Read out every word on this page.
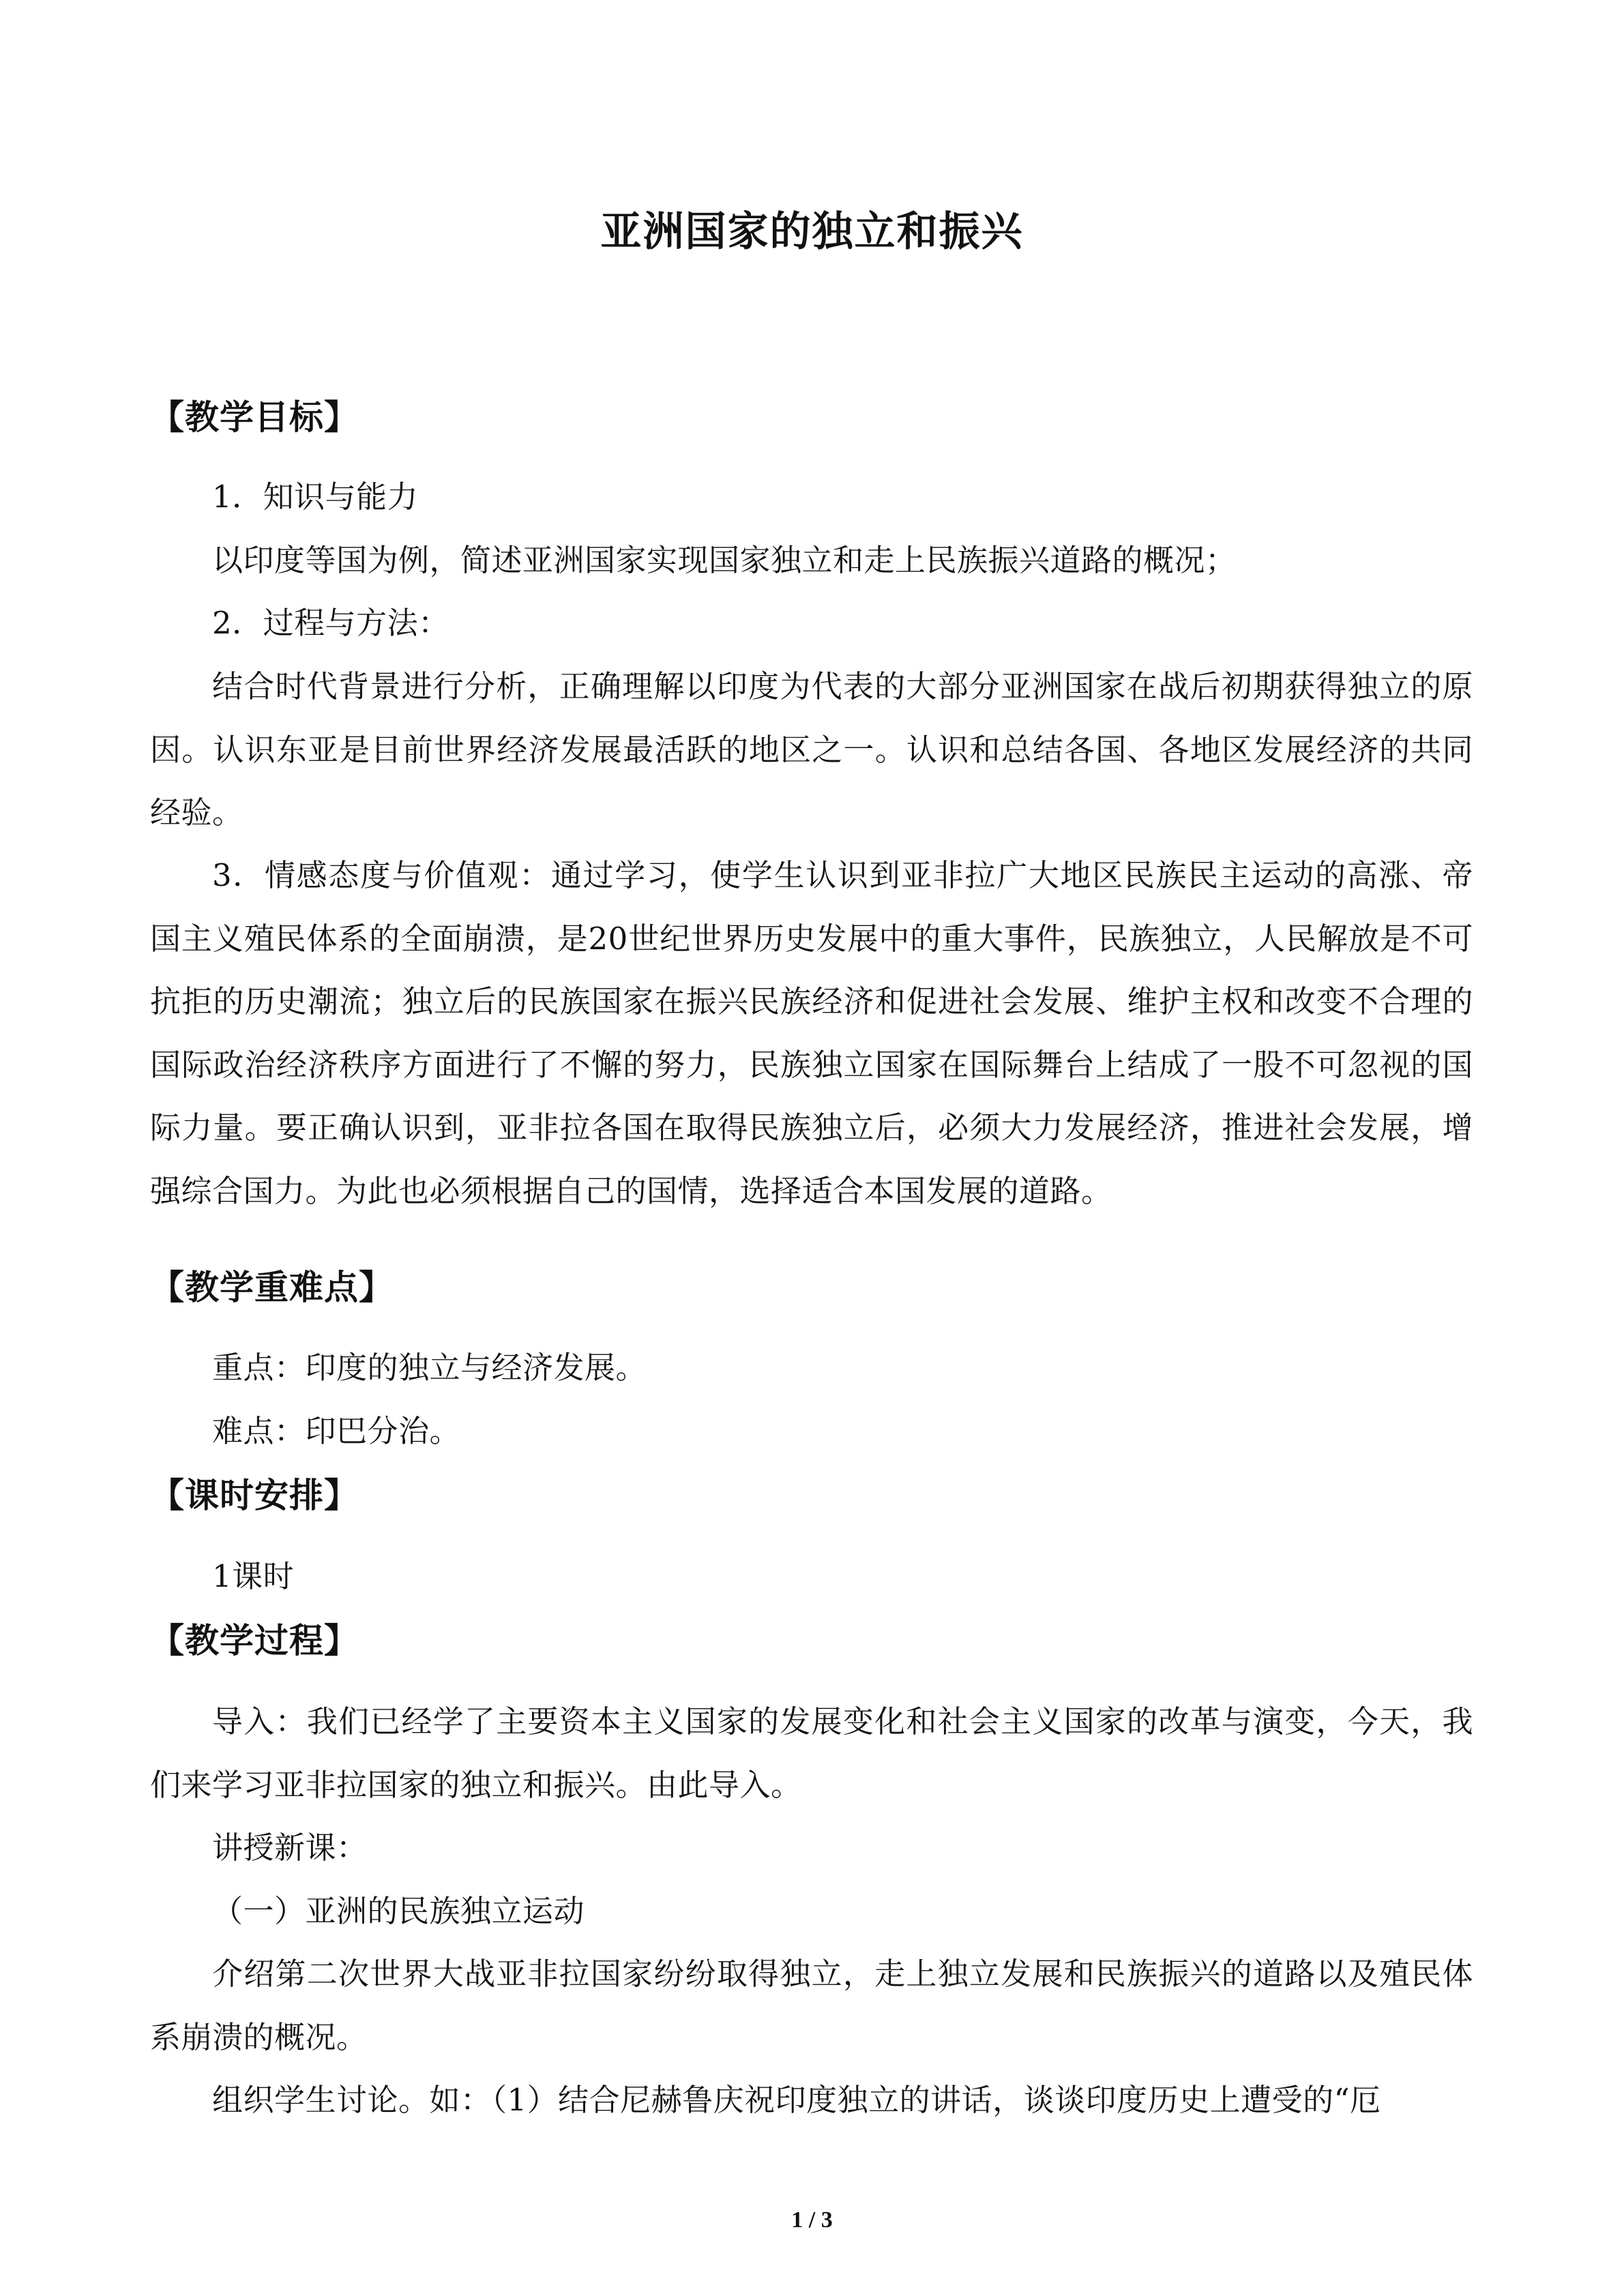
亚洲国家的独立和振兴
【教学目标】
1．知识与能力
以印度等国为例，简述亚洲国家实现国家独立和走上民族振兴道路的概况；
2．过程与方法：
结合时代背景进行分析，正确理解以印度为代表的大部分亚洲国家在战后初期获得独立的原因。认识东亚是目前世界经济发展最活跃的地区之一。认识和总结各国、各地区发展经济的共同经验。
3．情感态度与价值观：通过学习，使学生认识到亚非拉广大地区民族民主运动的高涨、帝国主义殖民体系的全面崩溃，是20世纪世界历史发展中的重大事件，民族独立，人民解放是不可抗拒的历史潮流；独立后的民族国家在振兴民族经济和促进社会发展、维护主权和改变不合理的国际政治经济秩序方面进行了不懈的努力，民族独立国家在国际舞台上结成了一股不可忽视的国际力量。要正确认识到，亚非拉各国在取得民族独立后，必须大力发展经济，推进社会发展，增强综合国力。为此也必须根据自己的国情，选择适合本国发展的道路。
【教学重难点】
重点：印度的独立与经济发展。
难点：印巴分治。
【课时安排】
1课时
【教学过程】
导入：我们已经学了主要资本主义国家的发展变化和社会主义国家的改革与演变，今天，我们来学习亚非拉国家的独立和振兴。由此导入。
讲授新课：
（一）亚洲的民族独立运动
介绍第二次世界大战亚非拉国家纷纷取得独立，走上独立发展和民族振兴的道路以及殖民体系崩溃的概况。
组织学生讨论。如：（1）结合尼赫鲁庆祝印度独立的讲话，谈谈印度历史上遭受的“厄
1 / 3
